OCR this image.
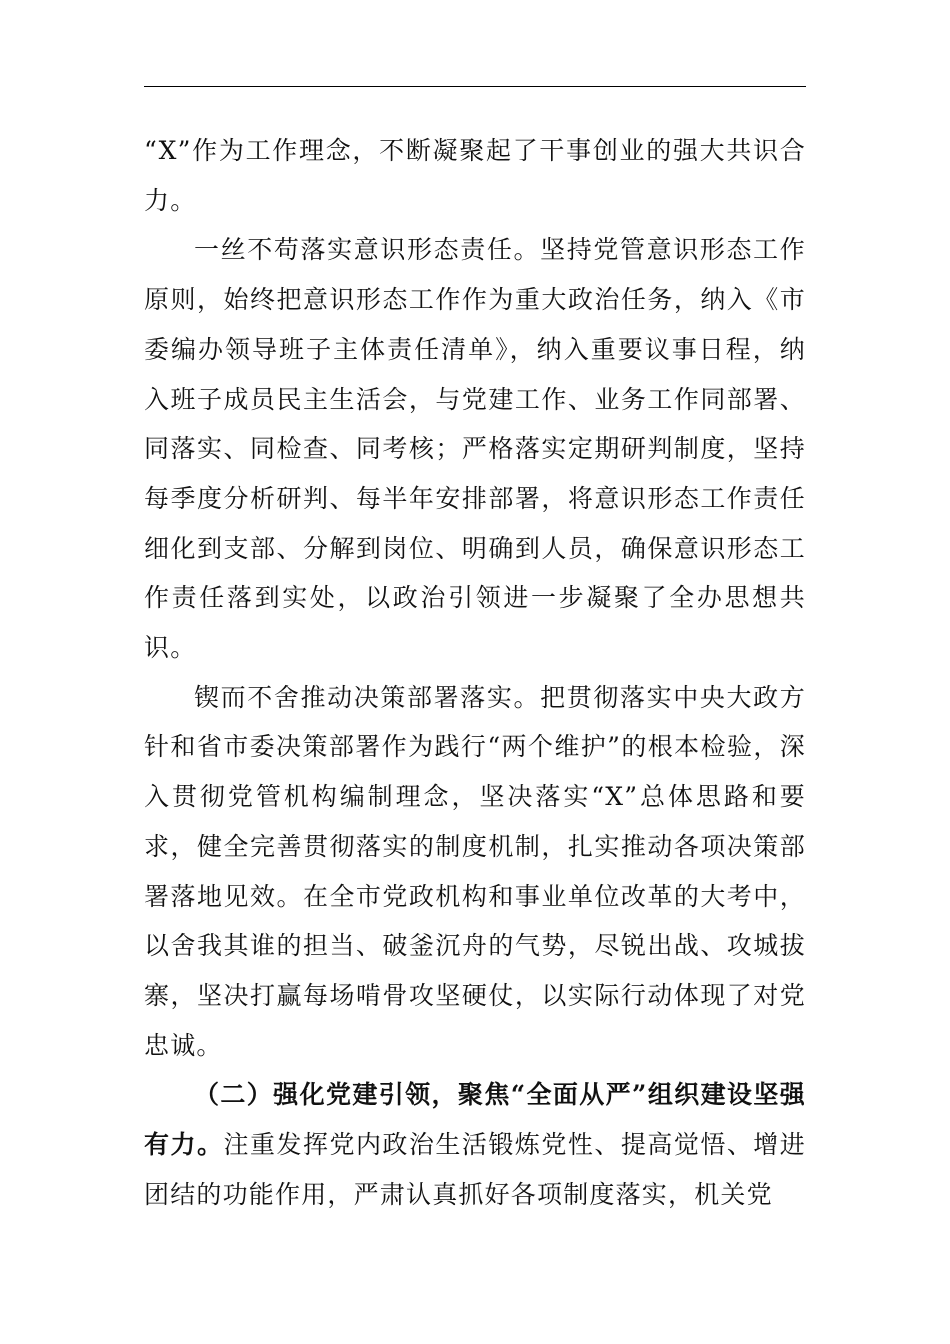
“X”作为工作理念，不断凝聚起了干事创业的强大共识合力。

一丝不苟落实意识形态责任。坚持党管意识形态工作原则，始终把意识形态工作作为重大政治任务，纳入《市委编办领导班子主体责任清单》，纳入重要议事日程，纳入班子成员民主生活会，与党建工作、业务工作同部署、同落实、同检查、同考核；严格落实定期研判制度，坚持每季度分析研判、每半年安排部署，将意识形态工作责任细化到支部、分解到岗位、明确到人员，确保意识形态工作责任落到实处，以政治引领进一步凝聚了全办思想共识。

锲而不舍推动决策部署落实。把贯彻落实中央大政方针和省市委决策部署作为践行“两个维护”的根本检验，深入贯彻党管机构编制理念，坚决落实“X”总体思路和要求，健全完善贯彻落实的制度机制，扎实推动各项决策部署落地见效。在全市党政机构和事业单位改革的大考中，以舍我其谁的担当、破釜沉舟的气势，尽锐出战、攻城拔寨，坚决打赢每场啃骨攻坚硬仗，以实际行动体现了对党忠诚。

（二）强化党建引领，聚焦“全面从严”组织建设坚强有力。注重发挥党内政治生活锻炼党性、提高觉悟、增进团结的功能作用，严肃认真抓好各项制度落实，机关党
